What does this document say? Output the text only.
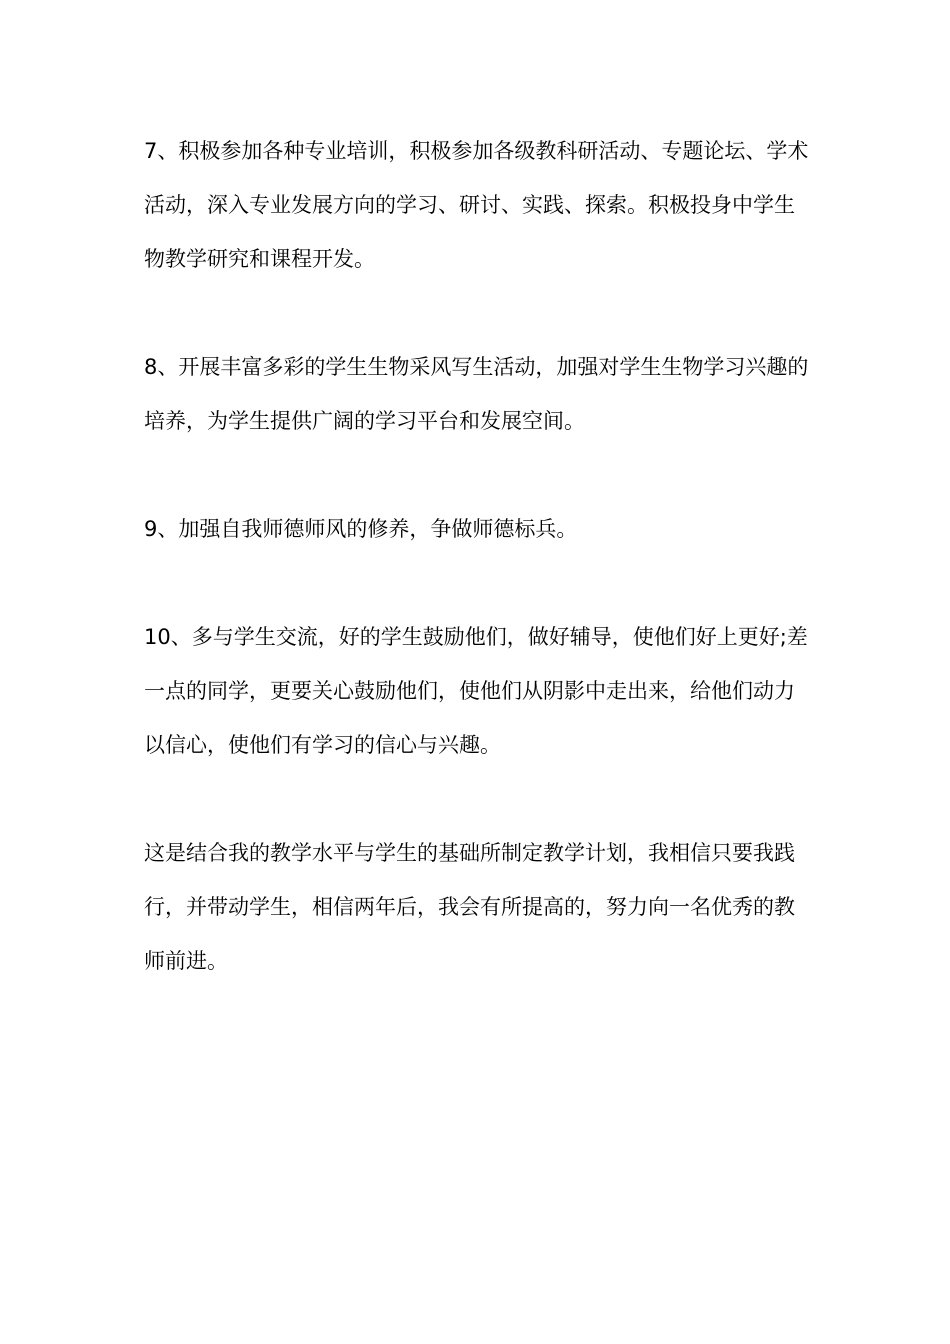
7、积极参加各种专业培训，积极参加各级教科研活动、专题论坛、学术活动，深入专业发展方向的学习、研讨、实践、探索。积极投身中学生物教学研究和课程开发。

8、开展丰富多彩的学生生物采风写生活动，加强对学生生物学习兴趣的培养，为学生提供广阔的学习平台和发展空间。

9、加强自我师德师风的修养，争做师德标兵。

10、多与学生交流，好的学生鼓励他们，做好辅导，使他们好上更好;差一点的同学，更要关心鼓励他们，使他们从阴影中走出来，给他们动力以信心，使他们有学习的信心与兴趣。

这是结合我的教学水平与学生的基础所制定教学计划，我相信只要我践行，并带动学生，相信两年后，我会有所提高的，努力向一名优秀的教师前进。
